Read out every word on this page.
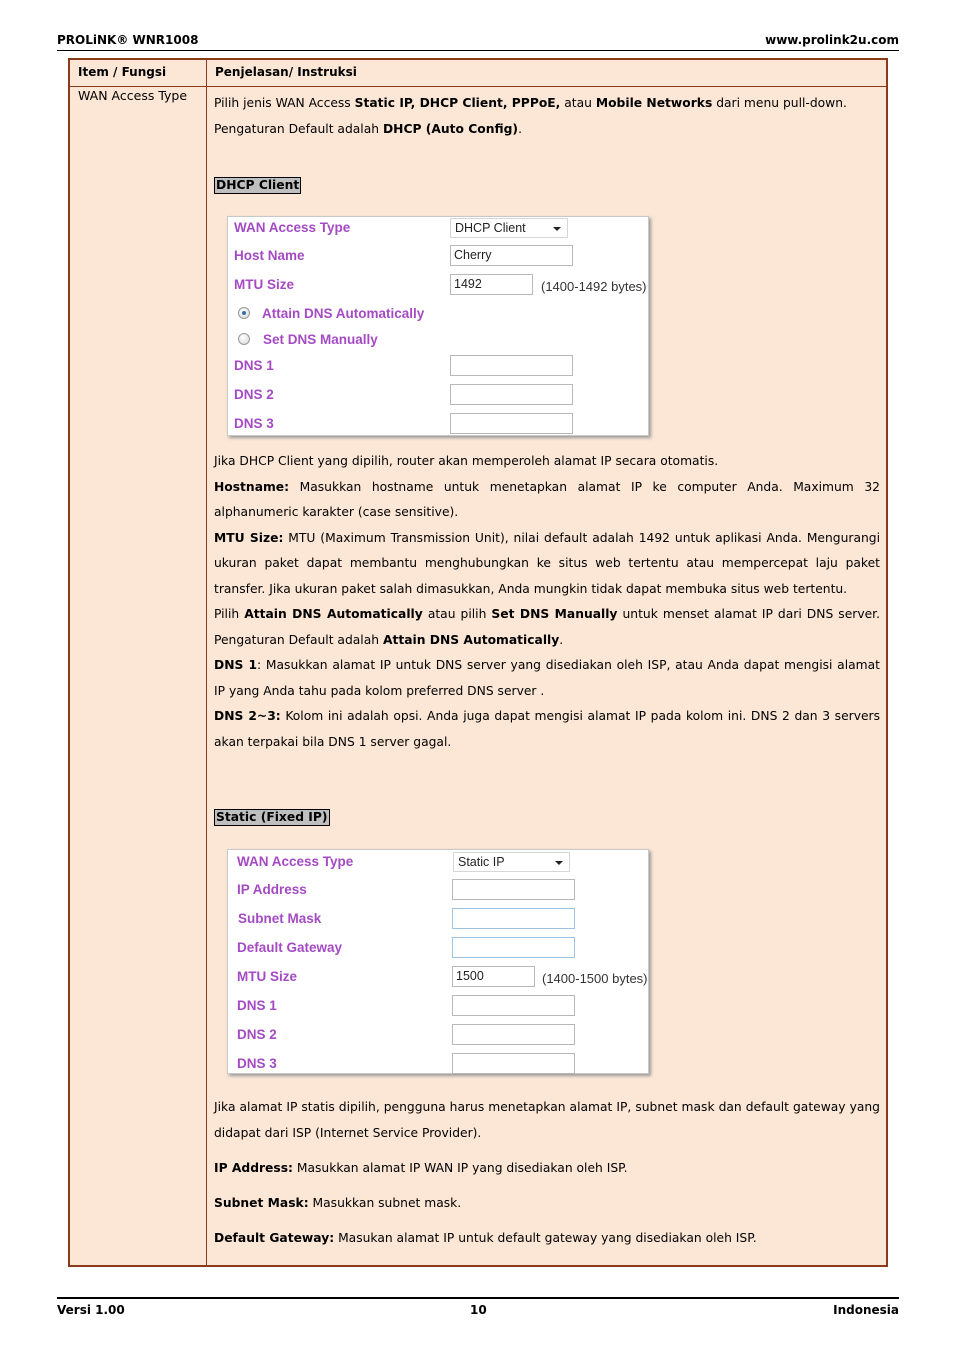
PROLiNK® WNR1008	www.prolink2u.com
Item / Fungsi	Penjelasan/ Instruksi
WAN Access Type Pilih jenis WAN Access Static IP, DHCP Client, PPPoE, atau Mobile Networks dari menu pull-down. Pengaturan Default adalah DHCP (Auto Config).
DHCP Client
WAN Access Type	DHCP Client
Host Name	Cherry
MTU Size	1492	(1400-1492 bytes)
Attain DNS Automatically
Set DNS Manually
DNS 1
DNS 2
DNS 3
Jika DHCP Client yang dipilih, router akan memperoleh alamat IP secara otomatis.
Hostname: Masukkan hostname untuk menetapkan alamat IP ke computer Anda. Maximum 32 alphanumeric karakter (case sensitive).
MTU Size: MTU (Maximum Transmission Unit), nilai default adalah 1492 untuk aplikasi Anda. Mengurangi ukuran paket dapat membantu menghubungkan ke situs web tertentu atau mempercepat laju paket transfer. Jika ukuran paket salah dimasukkan, Anda mungkin tidak dapat membuka situs web tertentu.
Pilih Attain DNS Automatically atau pilih Set DNS Manually untuk menset alamat IP dari DNS server. Pengaturan Default adalah Attain DNS Automatically.
DNS 1: Masukkan alamat IP untuk DNS server yang disediakan oleh ISP, atau Anda dapat mengisi alamat IP yang Anda tahu pada kolom preferred DNS server .
DNS 2~3: Kolom ini adalah opsi. Anda juga dapat mengisi alamat IP pada kolom ini. DNS 2 dan 3 servers akan terpakai bila DNS 1 server gagal.
Static (Fixed IP)
WAN Access Type	Static IP
IP Address
Subnet Mask
Default Gateway
MTU Size	1500	(1400-1500 bytes)
DNS 1
DNS 2
DNS 3
Jika alamat IP statis dipilih, pengguna harus menetapkan alamat IP, subnet mask dan default gateway yang didapat dari ISP (Internet Service Provider).
IP Address: Masukkan alamat IP WAN IP yang disediakan oleh ISP.
Subnet Mask: Masukkan subnet mask.
Default Gateway: Masukan alamat IP untuk default gateway yang disediakan oleh ISP.
Versi 1.00	10	Indonesia
